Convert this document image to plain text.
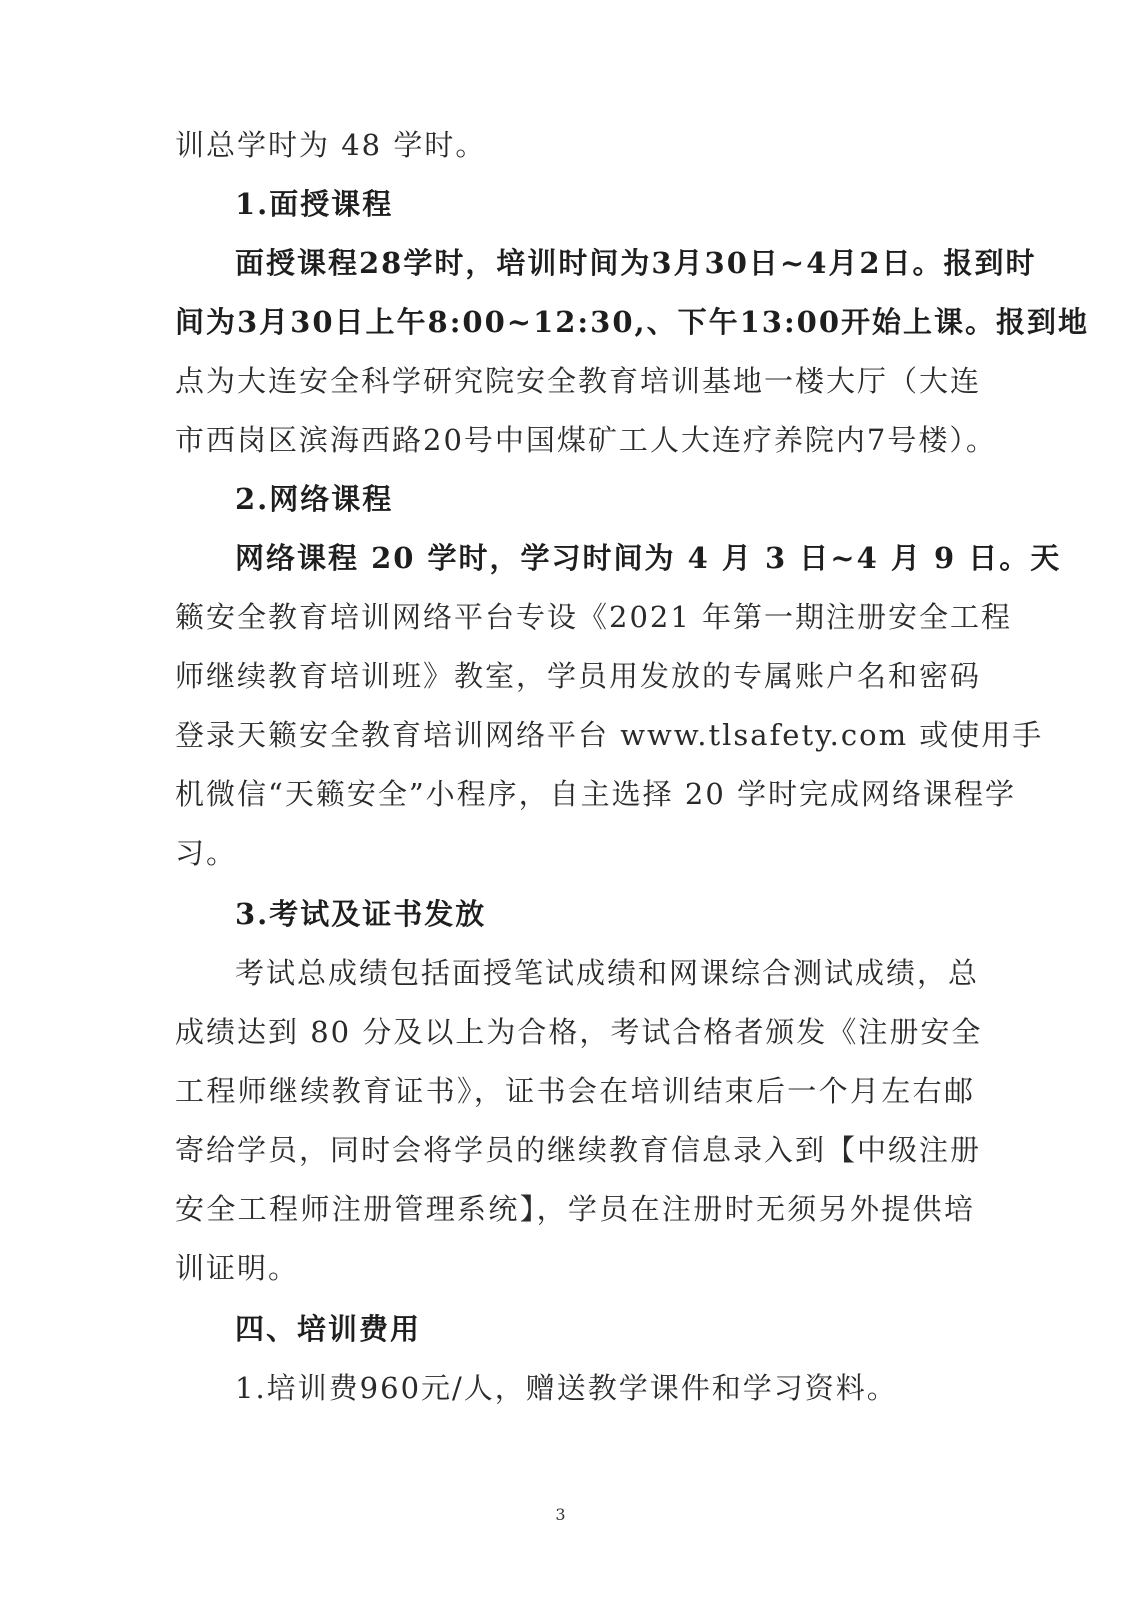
训总学时为 48 学时。
1.面授课程
面授课程28学时，培训时间为3月30日~4月2日。报到时
间为3月30日上午8:00~12:30,、下午13:00开始上课。报到地
点为大连安全科学研究院安全教育培训基地一楼大厅（大连
市西岗区滨海西路20号中国煤矿工人大连疗养院内7号楼）。
2.网络课程
网络课程 20 学时，学习时间为 4 月 3 日~4 月 9 日。天
籁安全教育培训网络平台专设《2021 年第一期注册安全工程
师继续教育培训班》教室，学员用发放的专属账户名和密码
登录天籁安全教育培训网络平台 www.tlsafety.com 或使用手
机微信“天籁安全”小程序，自主选择 20 学时完成网络课程学
习。
3.考试及证书发放
考试总成绩包括面授笔试成绩和网课综合测试成绩，总
成绩达到 80 分及以上为合格，考试合格者颁发《注册安全
工程师继续教育证书》，证书会在培训结束后一个月左右邮
寄给学员，同时会将学员的继续教育信息录入到【中级注册
安全工程师注册管理系统】，学员在注册时无须另外提供培
训证明。
四、培训费用
1.培训费960元/人，赠送教学课件和学习资料。
3
